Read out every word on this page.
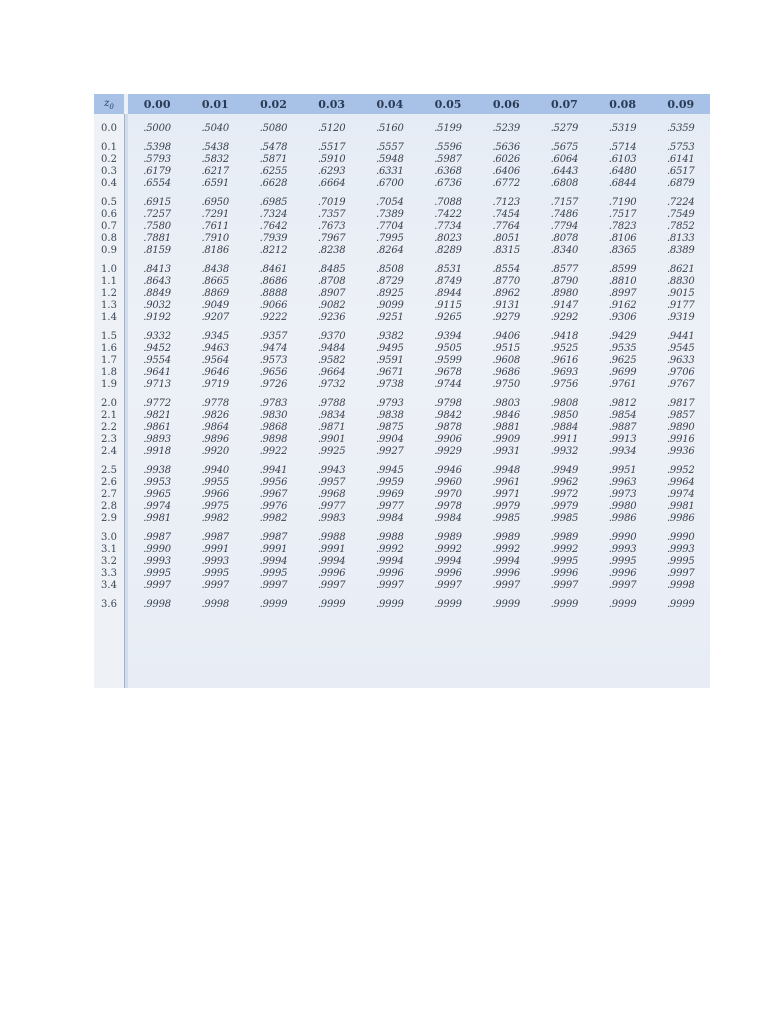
$z_0$	0.00	0.01	0.02	0.03	0.04	0.05	0.06	0.07	0.08	0.09
0.0	.5000	.5040	.5080	.5120	.5160	.5199	.5239	.5279	.5319	.5359
0.1	.5398	.5438	.5478	.5517	.5557	.5596	.5636	.5675	.5714	.5753
0.2	.5793	.5832	.5871	.5910	.5948	.5987	.6026	.6064	.6103	.6141
0.3	.6179	.6217	.6255	.6293	.6331	.6368	.6406	.6443	.6480	.6517
0.4	.6554	.6591	.6628	.6664	.6700	.6736	.6772	.6808	.6844	.6879
0.5	.6915	.6950	.6985	.7019	.7054	.7088	.7123	.7157	.7190	.7224
0.6	.7257	.7291	.7324	.7357	.7389	.7422	.7454	.7486	.7517	.7549
0.7	.7580	.7611	.7642	.7673	.7704	.7734	.7764	.7794	.7823	.7852
0.8	.7881	.7910	.7939	.7967	.7995	.8023	.8051	.8078	.8106	.8133
0.9	.8159	.8186	.8212	.8238	.8264	.8289	.8315	.8340	.8365	.8389
1.0	.8413	.8438	.8461	.8485	.8508	.8531	.8554	.8577	.8599	.8621
1.1	.8643	.8665	.8686	.8708	.8729	.8749	.8770	.8790	.8810	.8830
1.2	.8849	.8869	.8888	.8907	.8925	.8944	.8962	.8980	.8997	.9015
1.3	.9032	.9049	.9066	.9082	.9099	.9115	.9131	.9147	.9162	.9177
1.4	.9192	.9207	.9222	.9236	.9251	.9265	.9279	.9292	.9306	.9319
1.5	.9332	.9345	.9357	.9370	.9382	.9394	.9406	.9418	.9429	.9441
1.6	.9452	.9463	.9474	.9484	.9495	.9505	.9515	.9525	.9535	.9545
1.7	.9554	.9564	.9573	.9582	.9591	.9599	.9608	.9616	.9625	.9633
1.8	.9641	.9646	.9656	.9664	.9671	.9678	.9686	.9693	.9699	.9706
1.9	.9713	.9719	.9726	.9732	.9738	.9744	.9750	.9756	.9761	.9767
2.0	.9772	.9778	.9783	.9788	.9793	.9798	.9803	.9808	.9812	.9817
2.1	.9821	.9826	.9830	.9834	.9838	.9842	.9846	.9850	.9854	.9857
2.2	.9861	.9864	.9868	.9871	.9875	.9878	.9881	.9884	.9887	.9890
2.3	.9893	.9896	.9898	.9901	.9904	.9906	.9909	.9911	.9913	.9916
2.4	.9918	.9920	.9922	.9925	.9927	.9929	.9931	.9932	.9934	.9936
2.5	.9938	.9940	.9941	.9943	.9945	.9946	.9948	.9949	.9951	.9952
2.6	.9953	.9955	.9956	.9957	.9959	.9960	.9961	.9962	.9963	.9964
2.7	.9965	.9966	.9967	.9968	.9969	.9970	.9971	.9972	.9973	.9974
2.8	.9974	.9975	.9976	.9977	.9977	.9978	.9979	.9979	.9980	.9981
2.9	.9981	.9982	.9982	.9983	.9984	.9984	.9985	.9985	.9986	.9986
3.0	.9987	.9987	.9987	.9988	.9988	.9989	.9989	.9989	.9990	.9990
3.1	.9990	.9991	.9991	.9991	.9992	.9992	.9992	.9992	.9993	.9993
3.2	.9993	.9993	.9994	.9994	.9994	.9994	.9994	.9995	.9995	.9995
3.3	.9995	.9995	.9995	.9996	.9996	.9996	.9996	.9996	.9996	.9997
3.4	.9997	.9997	.9997	.9997	.9997	.9997	.9997	.9997	.9997	.9998
3.6	.9998	.9998	.9999	.9999	.9999	.9999	.9999	.9999	.9999	.9999
